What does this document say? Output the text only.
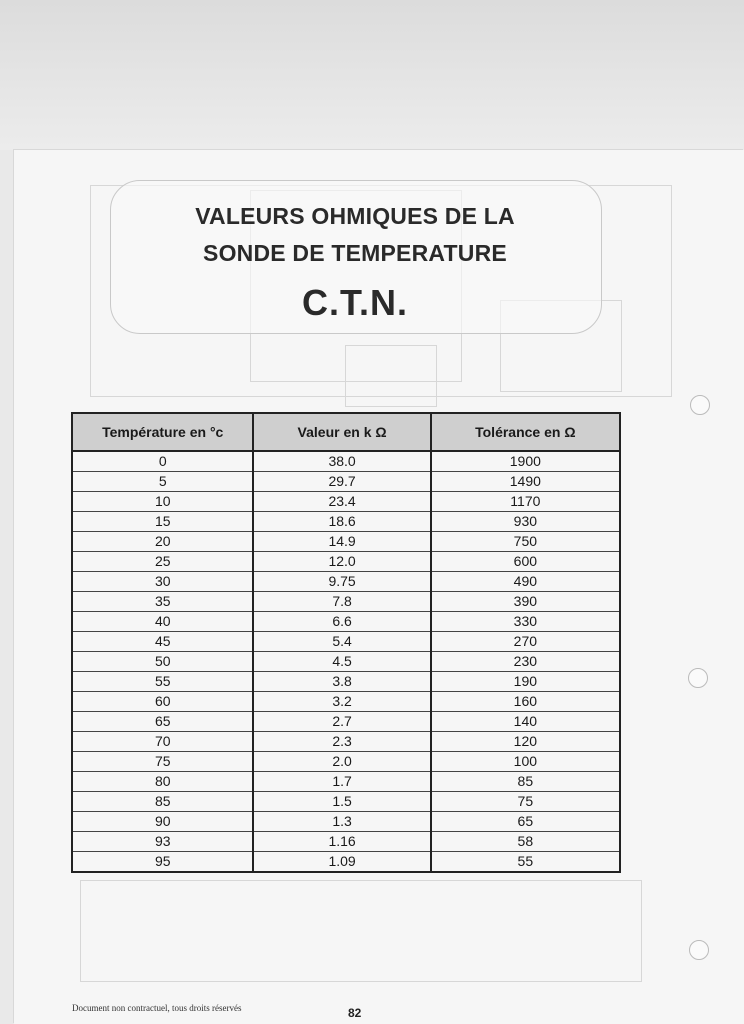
VALEURS OHMIQUES DE LA
SONDE DE TEMPERATURE
C.T.N.
Température en °c	Valeur en k Ω	Tolérance en Ω
0	38.0	1900
5	29.7	1490
10	23.4	1170
15	18.6	930
20	14.9	750
25	12.0	600
30	9.75	490
35	7.8	390
40	6.6	330
45	5.4	270
50	4.5	230
55	3.8	190
60	3.2	160
65	2.7	140
70	2.3	120
75	2.0	100
80	1.7	85
85	1.5	75
90	1.3	65
93	1.16	58
95	1.09	55
Document non contractuel, tous droits réservés	82
